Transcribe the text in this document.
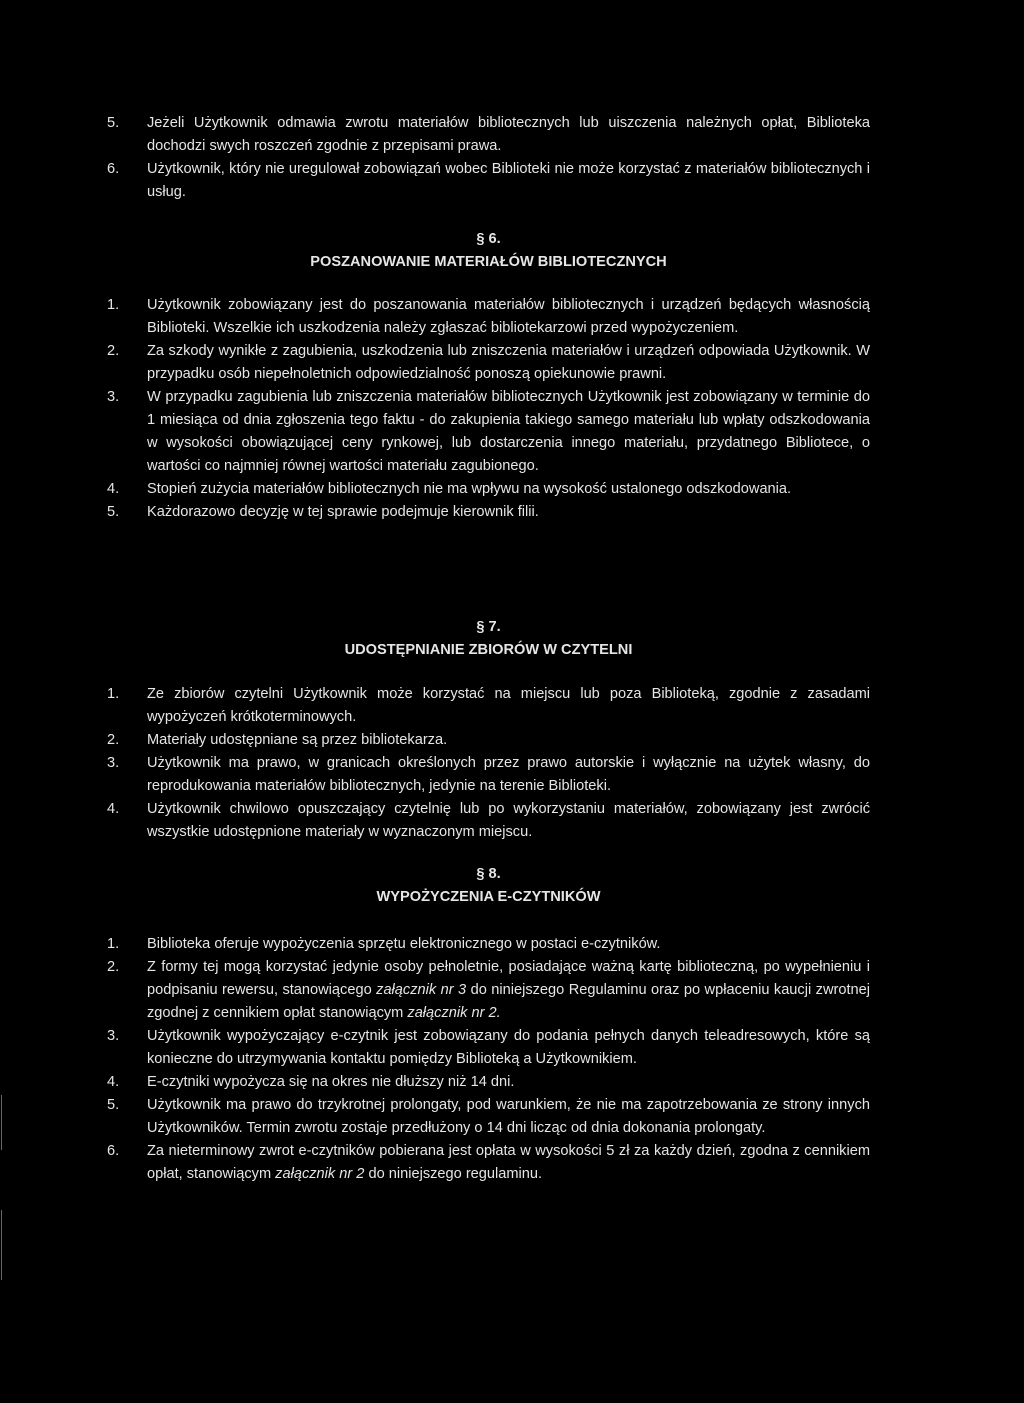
5. Jeżeli Użytkownik odmawia zwrotu materiałów bibliotecznych lub uiszczenia należnych opłat, Biblioteka dochodzi swych roszczeń zgodnie z przepisami prawa.
6. Użytkownik, który nie uregulował zobowiązań wobec Biblioteki nie może korzystać z materiałów bibliotecznych i usług.
§ 6.
POSZANOWANIE MATERIAŁÓW BIBLIOTECZNYCH
1. Użytkownik zobowiązany jest do poszanowania materiałów bibliotecznych i urządzeń będących własnością Biblioteki. Wszelkie ich uszkodzenia należy zgłaszać bibliotekarzowi przed wypożyczeniem.
2. Za szkody wynikłe z zagubienia, uszkodzenia lub zniszczenia materiałów i urządzeń odpowiada Użytkownik. W przypadku osób niepełnoletnich odpowiedzialność ponoszą opiekunowie prawni.
3. W przypadku zagubienia lub zniszczenia materiałów bibliotecznych Użytkownik jest zobowiązany w terminie do 1 miesiąca od dnia zgłoszenia tego faktu - do zakupienia takiego samego materiału lub wpłaty odszkodowania w wysokości obowiązującej ceny rynkowej, lub dostarczenia innego materiału, przydatnego Bibliotece, o wartości co najmniej równej wartości materiału zagubionego.
4. Stopień zużycia materiałów bibliotecznych nie ma wpływu na wysokość ustalonego odszkodowania.
5. Każdorazowo decyzję w tej sprawie podejmuje kierownik filii.
§ 7.
UDOSTĘPNIANIE ZBIORÓW W CZYTELNI
1. Ze zbiorów czytelni Użytkownik może korzystać na miejscu lub poza Biblioteką, zgodnie z zasadami wypożyczeń krótkoterminowych.
2. Materiały udostępniane są przez bibliotekarza.
3. Użytkownik ma prawo, w granicach określonych przez prawo autorskie i wyłącznie na użytek własny, do reprodukowania materiałów bibliotecznych, jedynie na terenie Biblioteki.
4. Użytkownik chwilowo opuszczający czytelnię lub po wykorzystaniu materiałów, zobowiązany jest zwrócić wszystkie udostępnione materiały w wyznaczonym miejscu.
§ 8.
WYPOŻYCZENIA E-CZYTNIKÓW
1. Biblioteka oferuje wypożyczenia sprzętu elektronicznego w postaci e-czytników.
2. Z formy tej mogą korzystać jedynie osoby pełnoletnie, posiadające ważną kartę biblioteczną, po wypełnieniu i podpisaniu rewersu, stanowiącego załącznik nr 3 do niniejszego Regulaminu oraz po wpłaceniu kaucji zwrotnej zgodnej z cennikiem opłat stanowiącym załącznik nr 2.
3. Użytkownik wypożyczający e-czytnik jest zobowiązany do podania pełnych danych teleadresowych, które są konieczne do utrzymywania kontaktu pomiędzy Biblioteką a Użytkownikiem.
4. E-czytniki wypożycza się na okres nie dłuższy niż 14 dni.
5. Użytkownik ma prawo do trzykrotnej prolongaty, pod warunkiem, że nie ma zapotrzebowania ze strony innych Użytkowników. Termin zwrotu zostaje przedłużony o 14 dni licząc od dnia dokonania prolongaty.
6. Za nieterminowy zwrot e-czytników pobierana jest opłata w wysokości 5 zł za każdy dzień, zgodna z cennikiem opłat, stanowiącym załącznik nr 2 do niniejszego regulaminu.
